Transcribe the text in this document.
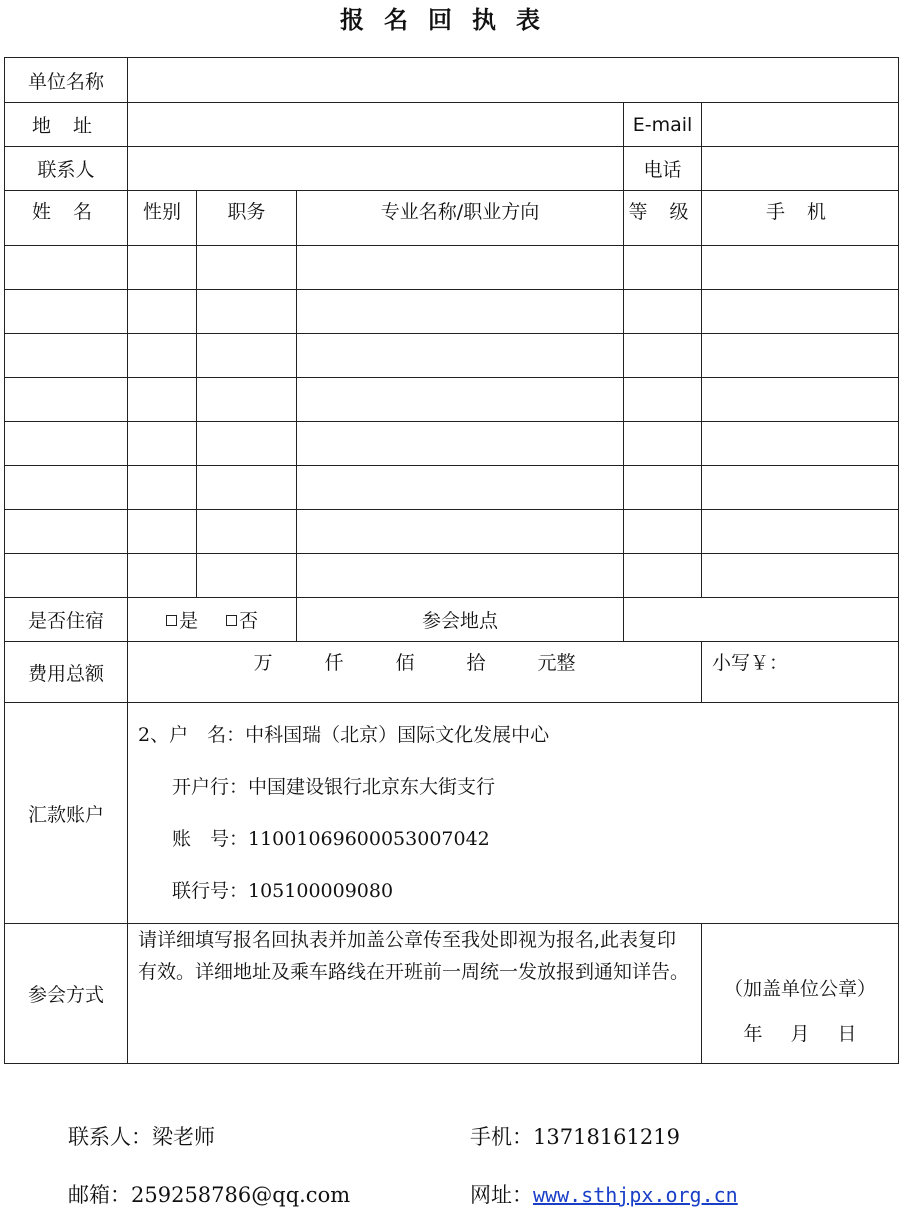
报名回执表
单位名称					
地 址				E-mail	
联系人				电话	
姓 名	性别	职务	专业名称/职业方向	等 级	手 机

是否住宿	是 否		参会地点		
费用总额	万 仟 佰 拾 元整				小写￥：
汇款账户	2、户　名：中科国瑞（北京）国际文化发展中心
开户行：中国建设银行北京东大街支行
账　号：11001069600053007042
联行号：105100009080				

参会方式	请详细填写报名回执表并加盖公章传至我处即视为报名,此表复印有效。详细地址及乘车路线在开班前一周统一发放报到通知详告。				（加盖单位公章）
年 月 日
联系人：梁老师	手机：13718161219
邮箱：259258786@qq.com	网址：www.sthjpx.org.cn
